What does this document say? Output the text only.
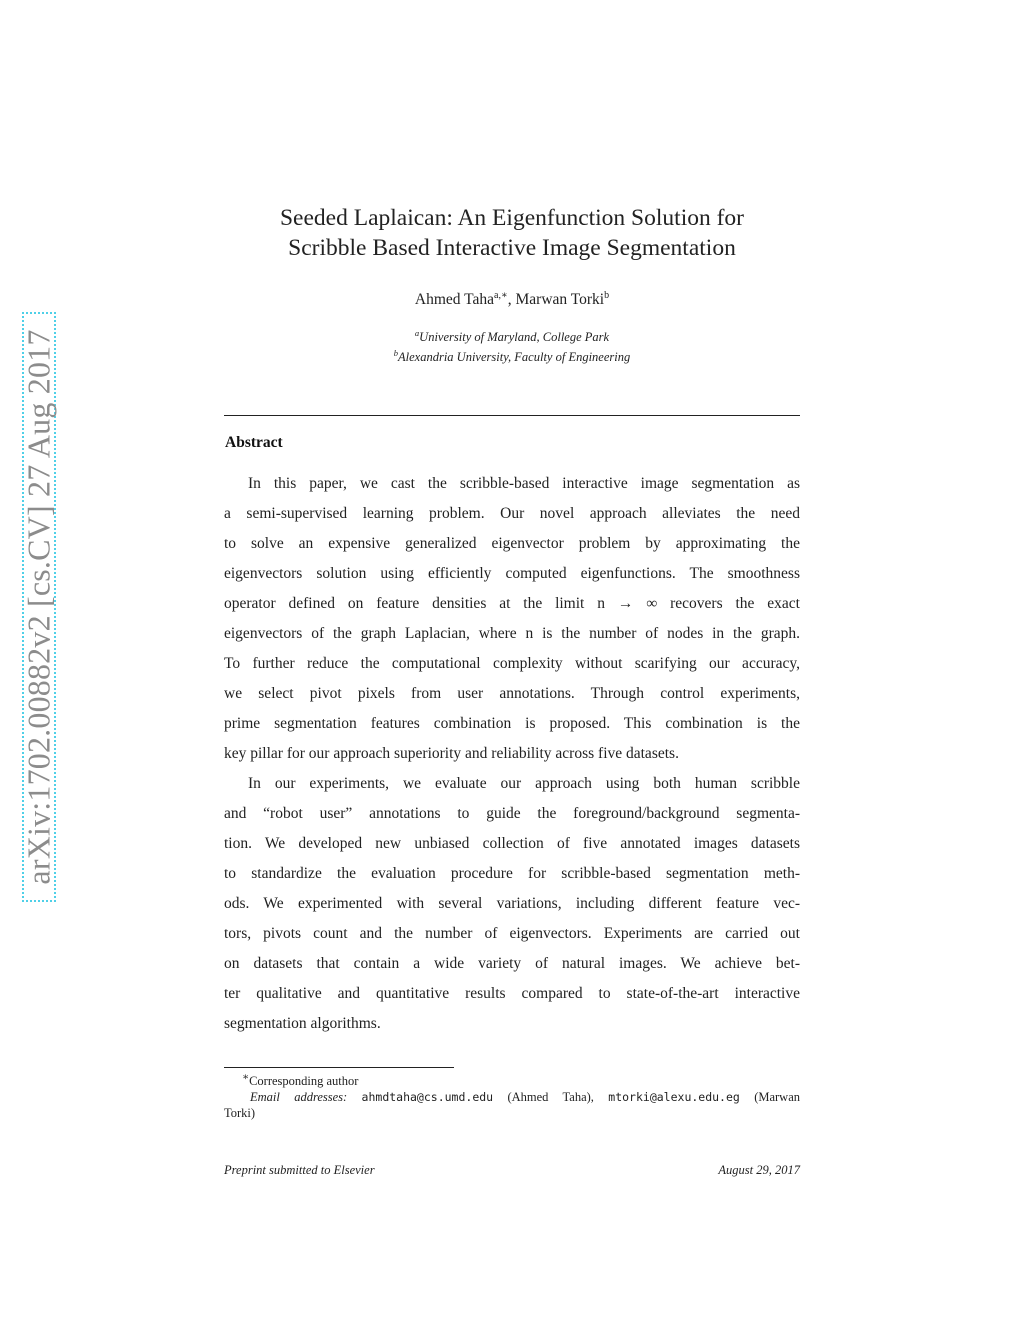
arXiv:1702.00882v2 [cs.CV] 27 Aug 2017
Seeded Laplaican: An Eigenfunction Solution for
Scribble Based Interactive Image Segmentation
Ahmed Taha$^{a,∗}$, Marwan Torki$^b$
$^a$University of Maryland, College Park
$^b$Alexandria University, Faculty of Engineering
Abstract
In this paper, we cast the scribble-based interactive image segmentation as
a semi-supervised learning problem. Our novel approach alleviates the need
to solve an expensive generalized eigenvector problem by approximating the
eigenvectors solution using efficiently computed eigenfunctions. The smoothness
operator defined on feature densities at the limit n → ∞ recovers the exact
eigenvectors of the graph Laplacian, where n is the number of nodes in the graph.
To further reduce the computational complexity without scarifying our accuracy,
we select pivot pixels from user annotations. Through control experiments,
prime segmentation features combination is proposed. This combination is the
key pillar for our approach superiority and reliability across five datasets.
In our experiments, we evaluate our approach using both human scribble
and “robot user” annotations to guide the foreground/background segmenta-
tion. We developed new unbiased collection of five annotated images datasets
to standardize the evaluation procedure for scribble-based segmentation meth-
ods. We experimented with several variations, including different feature vec-
tors, pivots count and the number of eigenvectors. Experiments are carried out
on datasets that contain a wide variety of natural images. We achieve bet-
ter qualitative and quantitative results compared to state-of-the-art interactive
segmentation algorithms.
∗Corresponding author
Email addresses: ahmdtaha@cs.umd.edu (Ahmed Taha), mtorki@alexu.edu.eg (Marwan
Torki)
Preprint submitted to Elsevier	August 29, 2017
